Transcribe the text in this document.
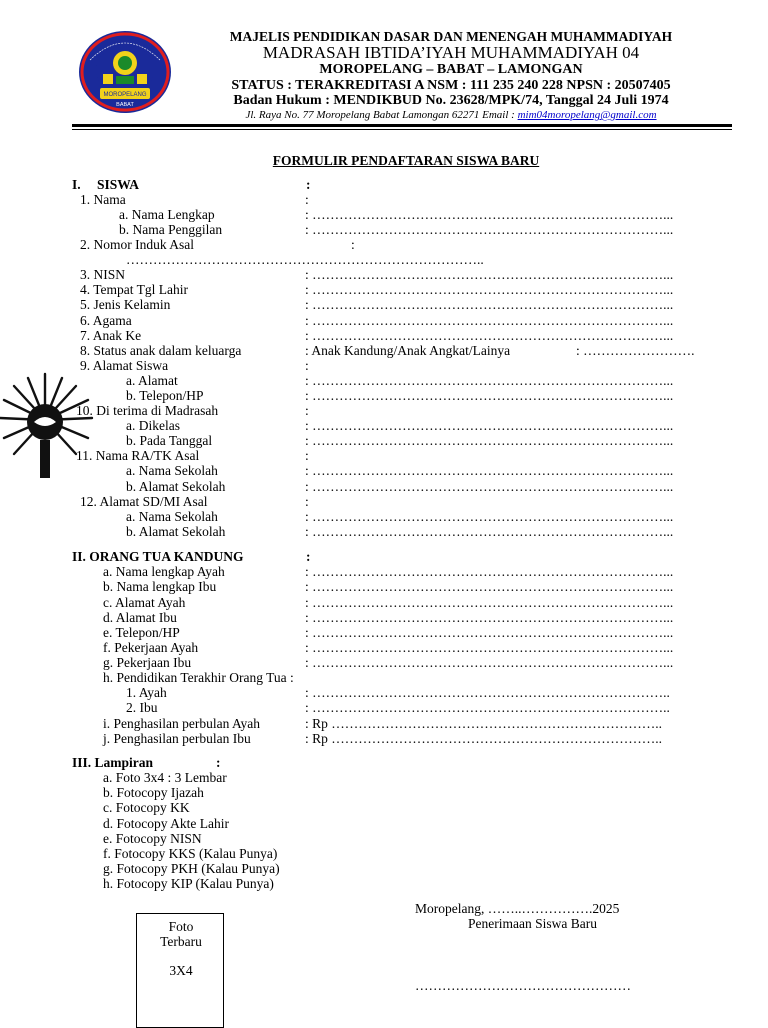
MOROPELANG
BABAT
MAJELIS PENDIDIKAN DASAR DAN MENENGAH MUHAMMADIYAH
MADRASAH IBTIDA’IYAH MUHAMMADIYAH 04
MOROPELANG – BABAT – LAMONGAN
STATUS : TERAKREDITASI A NSM : 111 235 240 228 NPSN : 20507405
Badan Hukum : MENDIKBUD No. 23628/MPK/74, Tanggal 24 Juli 1974
Jl. Raya No. 77 Moropelang Babat Lamongan 62271 Email : mim04moropelang@gmail.com
FORMULIR PENDAFTARAN SISWA BARU
I. SISWA	:
1. Nama	:
a. Nama Lengkap	: ……………………………………………………………………...
b. Nama Penggilan	: ……………………………………………………………………...
2. Nomor Induk Asal	:
……………………………………………………………………..
3. NISN	: ……………………………………………………………………...
4. Tempat Tgl Lahir	: ……………………………………………………………………...
5. Jenis Kelamin	: ……………………………………………………………………...
6. Agama	: ……………………………………………………………………...
7. Anak Ke	: ……………………………………………………………………...
8. Status anak dalam keluarga	: Anak Kandung/Anak Angkat/Lainya	: …………………….
9. Alamat Siswa	:
a. Alamat	: ……………………………………………………………………...
b. Telepon/HP	: ……………………………………………………………………...
10. Di terima di Madrasah	:
a. Dikelas	: ……………………………………………………………………...
b. Pada Tanggal	: ……………………………………………………………………...
11. Nama RA/TK Asal	:
a. Nama Sekolah	: ……………………………………………………………………...
b. Alamat Sekolah	: ……………………………………………………………………...
12. Alamat SD/MI Asal	:
a. Nama Sekolah	: ……………………………………………………………………...
b. Alamat Sekolah	: ……………………………………………………………………...
II. ORANG TUA KANDUNG	:
a. Nama lengkap Ayah	: ……………………………………………………………………...
b. Nama lengkap Ibu	: ……………………………………………………………………...
c. Alamat Ayah	: ……………………………………………………………………...
d. Alamat Ibu	: ……………………………………………………………………...
e. Telepon/HP	: ……………………………………………………………………...
f. Pekerjaan Ayah	: ……………………………………………………………………...
g. Pekerjaan Ibu	: ……………………………………………………………………...
h. Pendidikan Terakhir Orang Tua :
1. Ayah	: ……………………………………………………………………..
2. Ibu	: ……………………………………………………………………..
i. Penghasilan perbulan Ayah	: Rp ………………………………………………………………..
j. Penghasilan perbulan Ibu	: Rp ………………………………………………………………..
III. Lampiran	:
a. Foto 3x4 : 3 Lembar
b. Fotocopy Ijazah
c. Fotocopy KK
d. Fotocopy Akte Lahir
e. Fotocopy NISN
f. Fotocopy KKS (Kalau Punya)
g. Fotocopy PKH (Kalau Punya)
h. Fotocopy KIP (Kalau Punya)
Moropelang, ……..…………….2025
Penerimaan Siswa Baru
…………………………………………
Foto
Terbaru
3X4
